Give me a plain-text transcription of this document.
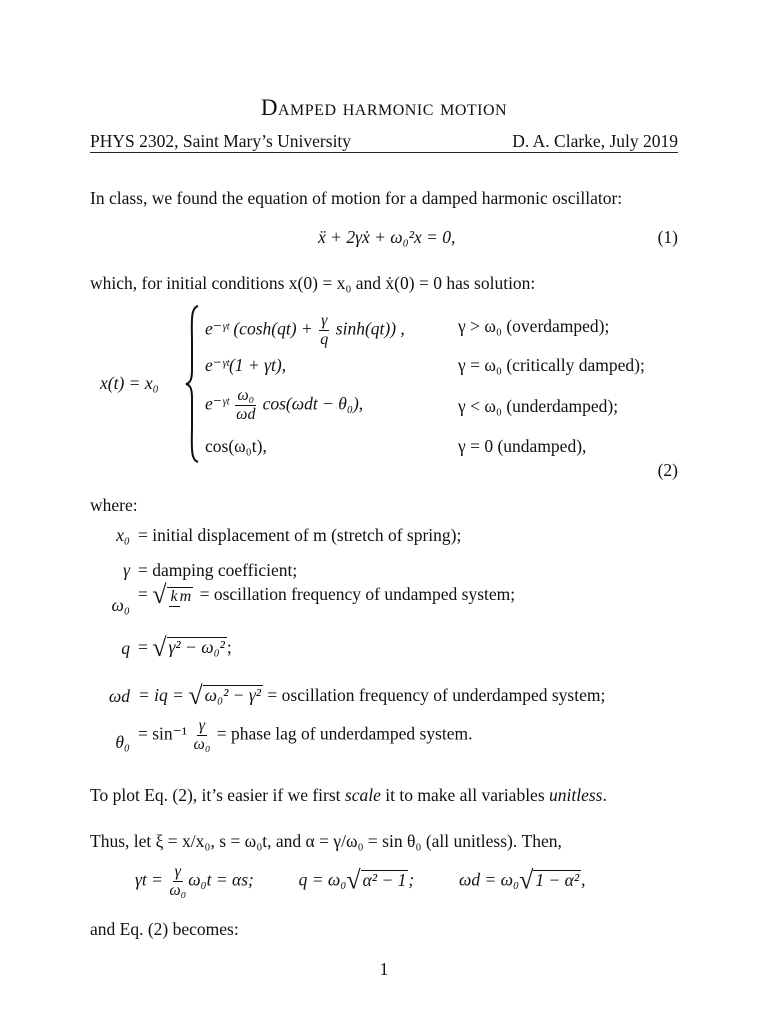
Damped harmonic motion
PHYS 2302, Saint Mary’s University	D. A. Clarke, July 2019
In class, we found the equation of motion for a damped harmonic oscillator:
ẍ + 2γẋ + ω₀²x = 0,	(1)
which, for initial conditions x(0) = x₀ and ẋ(0) = 0 has solution:
x(t) = x₀
e⁻ᵞᵗ $(\cosh(qt) + \frac{\gamma}{q} \sinh(qt))$ ,	γ > ω₀ (overdamped);
e⁻ᵞᵗ(1 + γt),	γ = ω₀ (critically damped);
e⁻ᵞᵗ $\frac{\text{ω₀}}{\omega d} \cos(\omega dt - \theta_0)$,	γ < ω₀ (underdamped);
cos(ω₀t),	γ = 0 (undamped),
(2)
where:
x₀ = initial displacement of m (stretch of spring);
γ = damping coefficient;
ω₀
= √ k m = oscillation frequency of undamped system;
q = √ γ² − ω₀² ;
ωd = iq = √ ω₀² − γ² = oscillation frequency of underdamped system;
$\theta_0 = \sin^{-1} \frac{\gamma}{\text{ω₀}}$ = phase lag of underdamped system.
To plot Eq. (2), it’s easier if we first scale it to make all variables unitless.
Thus, let ξ = x/x₀, s = ω₀t, and α = γ/ω₀ = sin θ₀ (all unitless). Then,
$\gamma t = \frac{\gamma}{\text{ω₀}} \omega_0t = \alpha s$;	q = ω₀√ α² − 1 ;	ωd = ω₀√ 1 − α² ,
and Eq. (2) becomes:
1
